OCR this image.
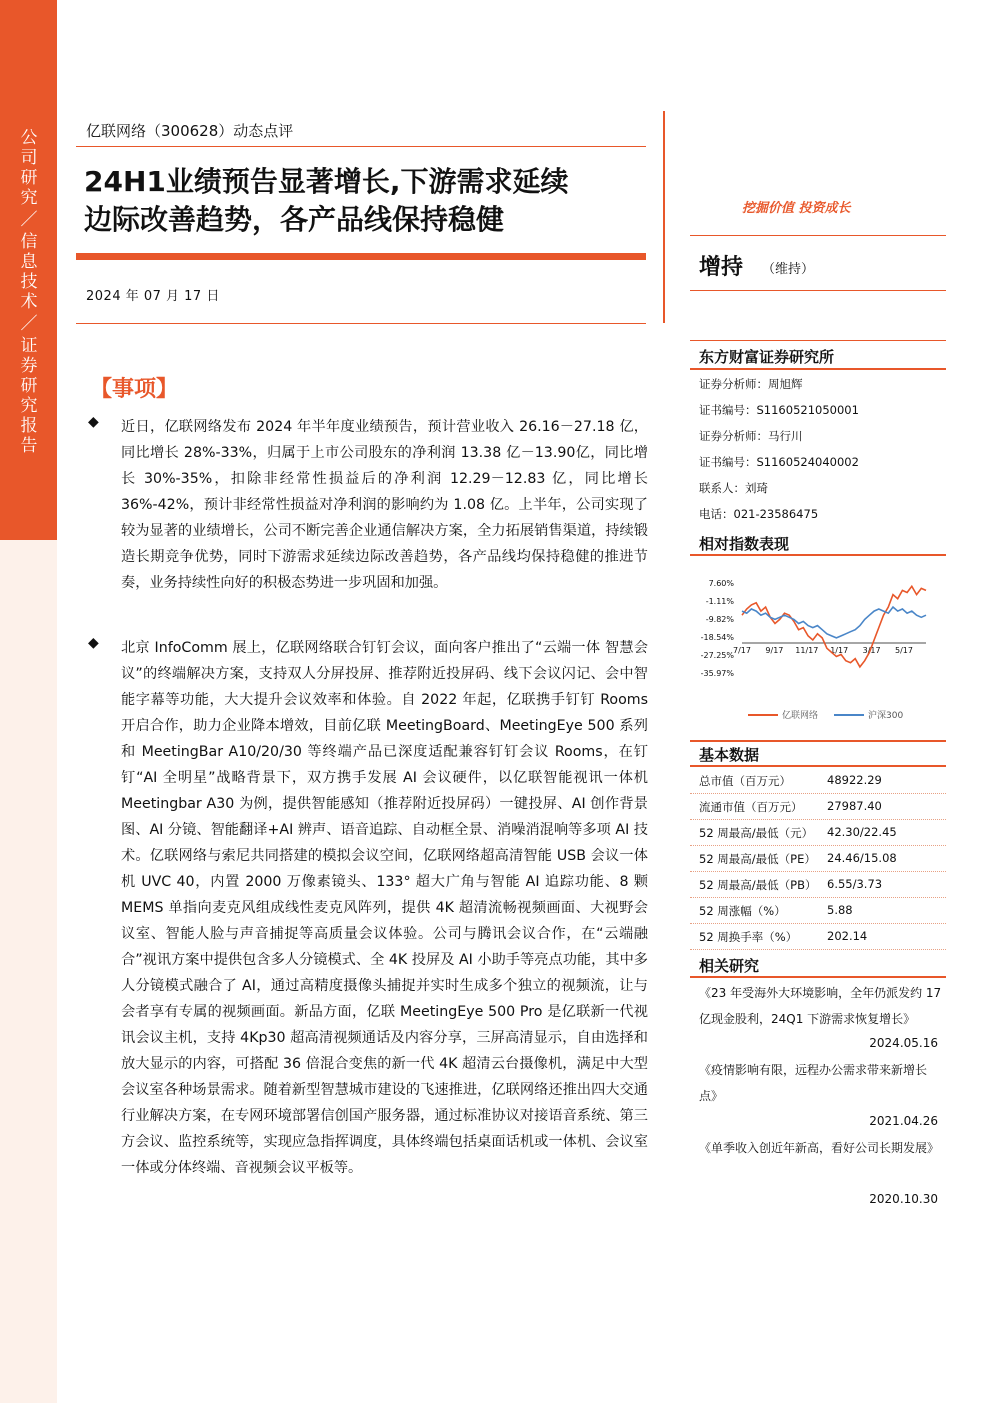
公
司
研
究
／
信
息
技
术
／
证
券
研
究
报
告
亿联网络（300628）动态点评
24H1业绩预告显著增长,下游需求延续
边际改善趋势，各产品线保持稳健
2024 年 07 月 17 日
【事项】
◆ 近日，亿联网络发布 2024 年半年度业绩预告，预计营业收入 26.16－27.18 亿，同比增长 28%-33%，归属于上市公司股东的净利润 13.38 亿－13.90亿，同比增长 30%-35%，扣除非经常性损益后的净利润 12.29－12.83 亿，同比增长 36%-42%，预计非经常性损益对净利润的影响约为 1.08 亿。上半年，公司实现了较为显著的业绩增长，公司不断完善企业通信解决方案，全力拓展销售渠道，持续锻造长期竞争优势，同时下游需求延续边际改善趋势，各产品线均保持稳健的推进节奏，业务持续性向好的积极态势进一步巩固和加强。
◆ 北京 InfoComm 展上，亿联网络联合钉钉会议，面向客户推出了“云端一体 智慧会议”的终端解决方案，支持双人分屏投屏、推荐附近投屏码、线下会议闪记、会中智能字幕等功能，大大提升会议效率和体验。自 2022 年起，亿联携手钉钉 Rooms 开启合作，助力企业降本增效，目前亿联 MeetingBoard、MeetingEye 500 系列和 MeetingBar A10/20/30 等终端产品已深度适配兼容钉钉会议 Rooms，在钉钉“AI 全明星”战略背景下，双方携手发展 AI 会议硬件，以亿联智能视讯一体机 Meetingbar A30 为例，提供智能感知（推荐附近投屏码）一键投屏、AI 创作背景图、AI 分镜、智能翻译+AI 辨声、语音追踪、自动框全景、消噪消混响等多项 AI 技术。亿联网络与索尼共同搭建的模拟会议空间，亿联网络超高清智能 USB 会议一体机 UVC 40，内置 2000 万像素镜头、133° 超大广角与智能 AI 追踪功能、8 颗 MEMS 单指向麦克风组成线性麦克风阵列，提供 4K 超清流畅视频画面、大视野会议室、智能人脸与声音捕捉等高质量会议体验。公司与腾讯会议合作，在“云端融合”视讯方案中提供包含多人分镜模式、全 4K 投屏及 AI 小助手等亮点功能，其中多人分镜模式融合了 AI，通过高精度摄像头捕捉并实时生成多个独立的视频流，让与会者享有专属的视频画面。新品方面，亿联 MeetingEye 500 Pro 是亿联新一代视讯会议主机，支持 4Kp30 超高清视频通话及内容分享，三屏高清显示，自由选择和放大显示的内容，可搭配 36 倍混合变焦的新一代 4K 超清云台摄像机，满足中大型会议室各种场景需求。随着新型智慧城市建设的飞速推进，亿联网络还推出四大交通行业解决方案，在专网环境部署信创国产服务器，通过标准协议对接语音系统、第三方会议、监控系统等，实现应急指挥调度，具体终端包括桌面话机或一体机、会议室一体或分体终端、音视频会议平板等。
挖掘价值 投资成长
增持 （维持）
东方财富证券研究所
证券分析师：周旭辉
证书编号：S1160521050001
证券分析师：马行川
证书编号：S1160524040002
联系人：刘琦
电话：021-23586475
相对指数表现
7.60%
-1.11%
-9.82%
-18.54%
-27.25%
-35.97%
7/17 9/17 11/17 1/17 3/17 5/17
亿联网络	沪深300
基本数据
总市值（百万元）	48922.29
流通市值（百万元） 27987.40
52 周最高/最低（元） 42.30/22.45
52 周最高/最低（PE） 24.46/15.08
52 周最高/最低（PB） 6.55/3.73
52 周涨幅（%）	5.88
52 周换手率（%）	202.14
相关研究
《23 年受海外大环境影响，全年仍派发约 17 亿现金股利，24Q1 下游需求恢复增长》
2024.05.16
《疫情影响有限，远程办公需求带来新增长点》
2021.04.26
《单季收入创近年新高，看好公司长期发展》
2020.10.30
